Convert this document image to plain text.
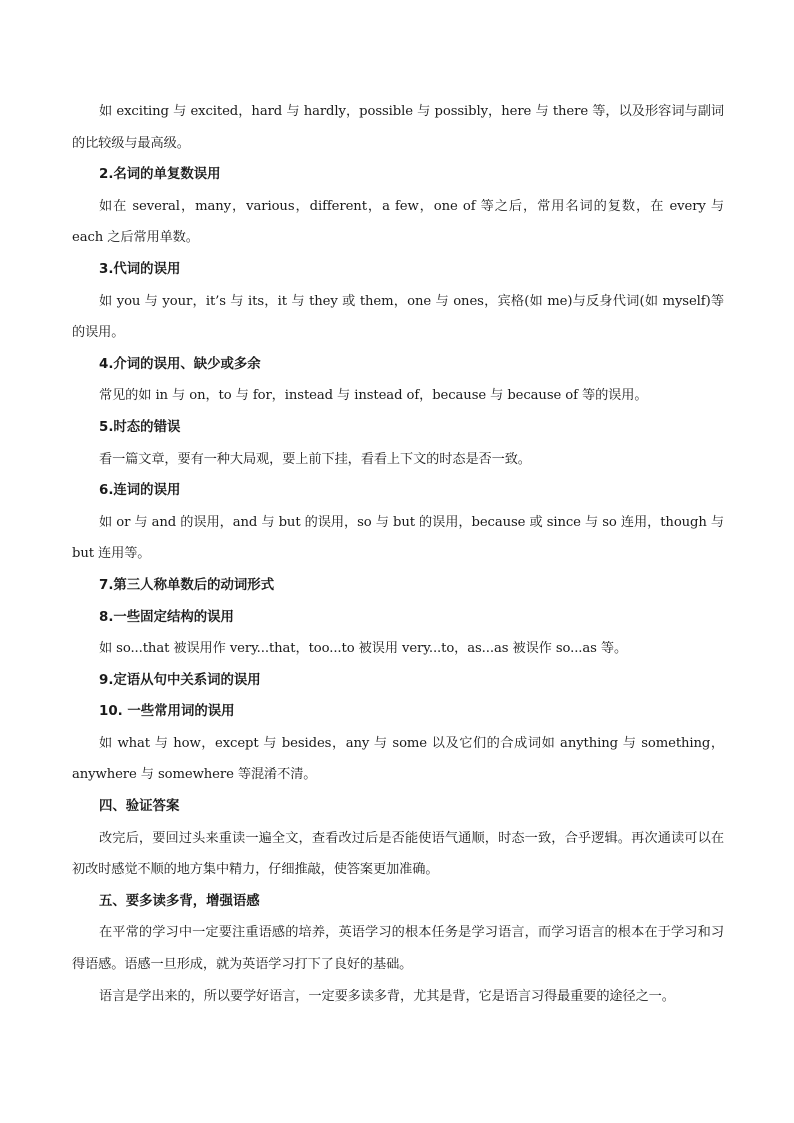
如 exciting 与 excited，hard 与 hardly，possible 与 possibly，here 与 there 等，以及形容词与副词的比较级与最高级。

2.名词的单复数误用

如在 several，many，various，different，a few，one of 等之后，常用名词的复数，在 every 与 each 之后常用单数。

3.代词的误用

如 you 与 your，it’s 与 its，it 与 they 或 them，one 与 ones，宾格(如 me)与反身代词(如 myself)等的误用。

4.介词的误用、缺少或多余

常见的如 in 与 on，to 与 for，instead 与 instead of，because 与 because of 等的误用。

5.时态的错误

看一篇文章，要有一种大局观，要上前下挂，看看上下文的时态是否一致。

6.连词的误用

如 or 与 and 的误用，and 与 but 的误用，so 与 but 的误用，because 或 since 与 so 连用，though 与 but 连用等。

7.第三人称单数后的动词形式

8.一些固定结构的误用

如 so...that 被误用作 very...that，too...to 被误用 very...to，as...as 被误作 so...as 等。

9.定语从句中关系词的误用

10. 一些常用词的误用

如 what 与 how，except 与 besides，any 与 some 以及它们的合成词如 anything 与 something，anywhere 与 somewhere 等混淆不清。

四、验证答案

改完后，要回过头来重读一遍全文，查看改过后是否能使语气通顺，时态一致，合乎逻辑。再次通读可以在初改时感觉不顺的地方集中精力，仔细推敲，使答案更加准确。

五、要多读多背，增强语感

在平常的学习中一定要注重语感的培养，英语学习的根本任务是学习语言，而学习语言的根本在于学习和习得语感。语感一旦形成，就为英语学习打下了良好的基础。

语言是学出来的，所以要学好语言，一定要多读多背，尤其是背，它是语言习得最重要的途径之一。
